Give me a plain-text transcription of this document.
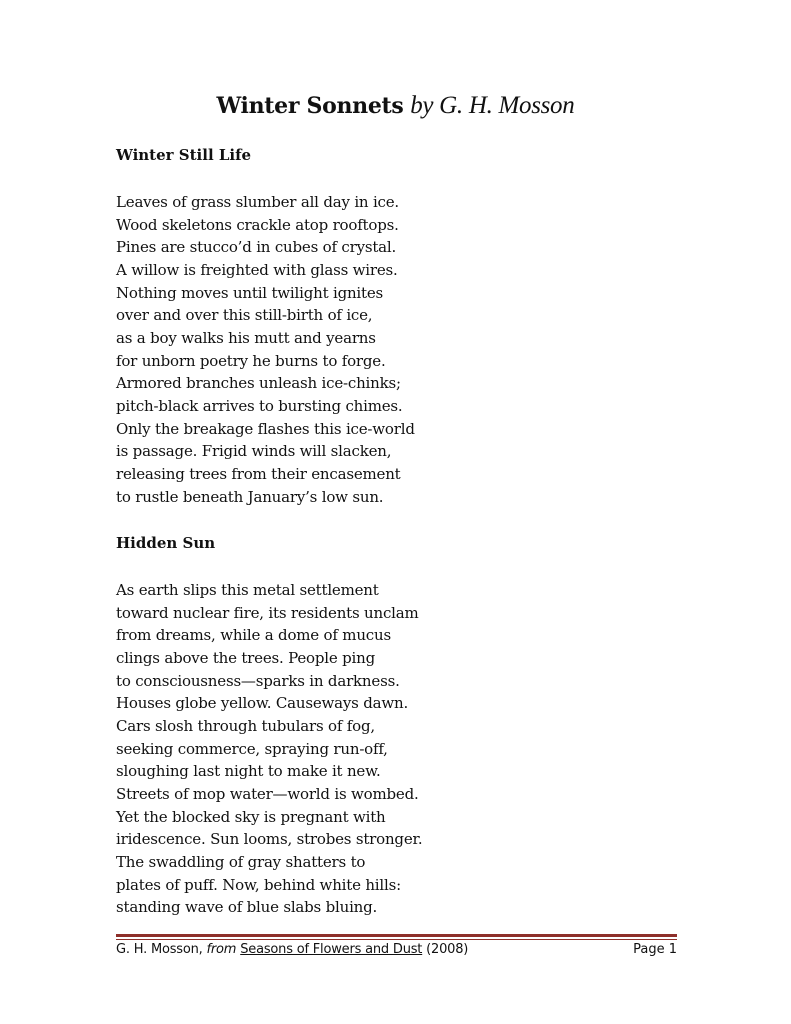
Winter Sonnets by G. H. Mosson

Winter Still Life

Leaves of grass slumber all day in ice.
Wood skeletons crackle atop rooftops.
Pines are stucco’d in cubes of crystal.
A willow is freighted with glass wires.
Nothing moves until twilight ignites
over and over this still-birth of ice,
as a boy walks his mutt and yearns
for unborn poetry he burns to forge.
Armored branches unleash ice-chinks;
pitch-black arrives to bursting chimes.
Only the breakage flashes this ice-world
is passage. Frigid winds will slacken,
releasing trees from their encasement
to rustle beneath January’s low sun.

Hidden Sun

As earth slips this metal settlement
toward nuclear fire, its residents unclam
from dreams, while a dome of mucus
clings above the trees. People ping
to consciousness—sparks in darkness.
Houses globe yellow. Causeways dawn.
Cars slosh through tubulars of fog,
seeking commerce, spraying run-off,
sloughing last night to make it new.
Streets of mop water—world is wombed.
Yet the blocked sky is pregnant with
iridescence. Sun looms, strobes stronger.
The swaddling of gray shatters to
plates of puff. Now, behind white hills:
standing wave of blue slabs bluing.
G. H. Mosson, from Seasons of Flowers and Dust (2008)	Page 1
